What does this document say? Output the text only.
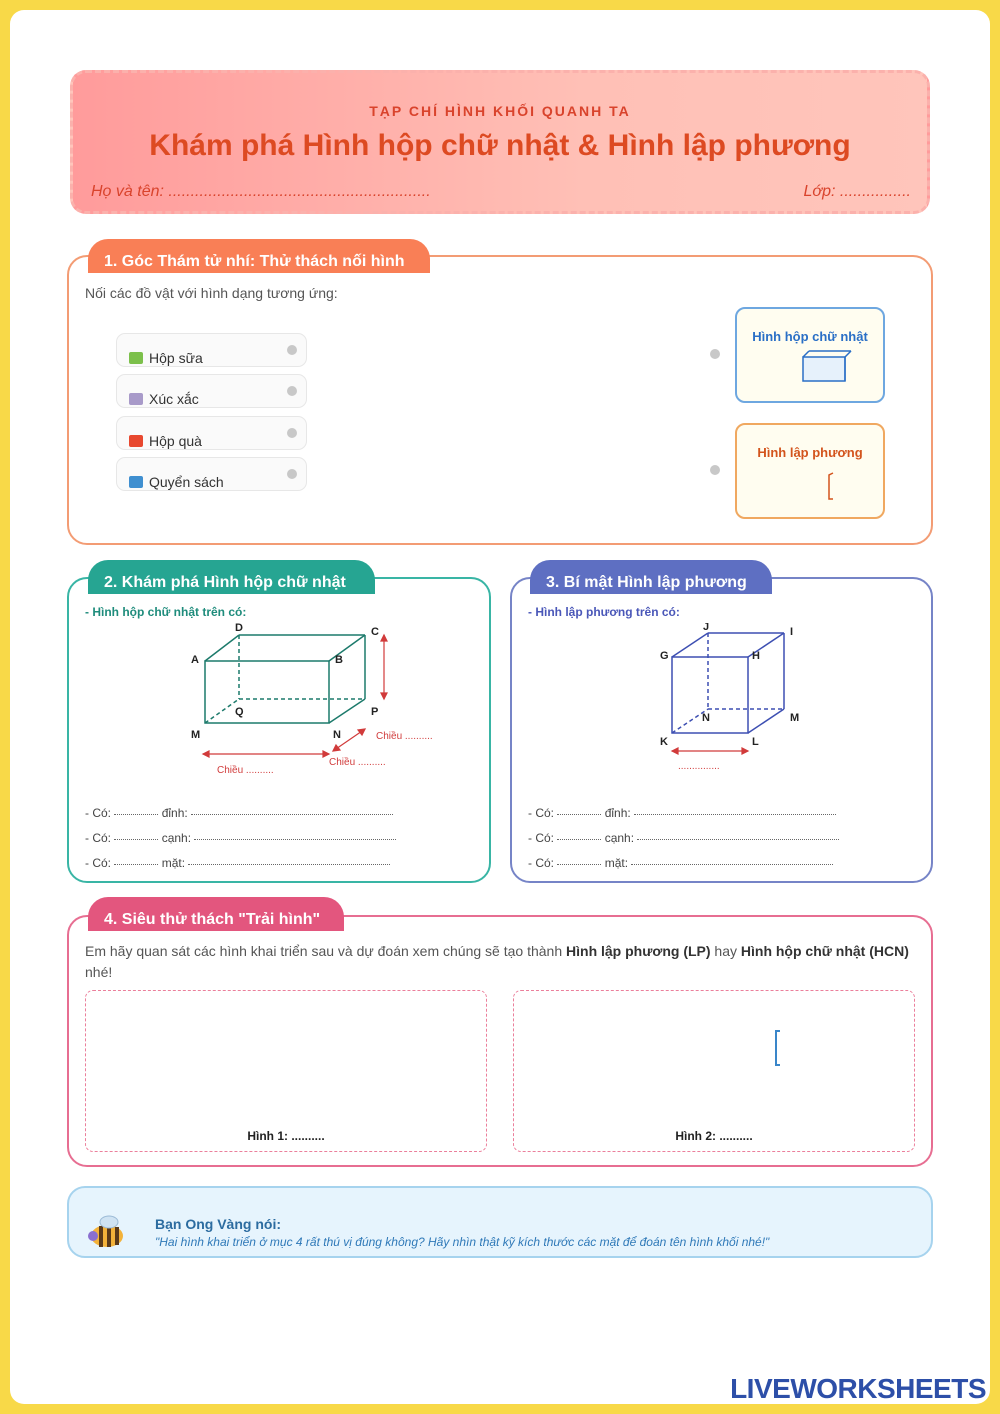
TẠP CHÍ HÌNH KHỐI QUANH TA
Khám phá Hình hộp chữ nhật & Hình lập phương
Họ và tên: ...........................................................	Lớp: ................
Nối các đồ vật với hình dạng tương ứng:
Hộp sữa
Xúc xắc
Hộp quà
Quyển sách
Hình hộp chữ nhật
Hình lập phương
1. Góc Thám tử nhí: Thử thách nối hình
- Hình hộp chữ nhật trên có:
D
A	B
C
M	N
P
Q
Chiều ..........
Chiều ..........
Chiều ..........
- Có:	đỉnh:
- Có:	cạnh:
- Có:	mặt:
2. Khám phá Hình hộp chữ nhật
- Hình lập phương trên có:
G	H
I
J
K	L
M
N
...............
- Có:	đỉnh:
- Có:	cạnh:
- Có:	mặt:
3. Bí mật Hình lập phương
Em hãy quan sát các hình khai triển sau và dự đoán xem chúng sẽ tạo thành Hình lập phương (LP) hay Hình hộp chữ nhật (HCN) nhé!
Hình 1: ..........	Hình 2: ..........
4. Siêu thử thách "Trải hình"
Bạn Ong Vàng nói:
"Hai hình khai triển ở mục 4 rất thú vị đúng không? Hãy nhìn thật kỹ kích thước các mặt để đoán tên hình khối nhé!"
LIVEWORKSHEETS
